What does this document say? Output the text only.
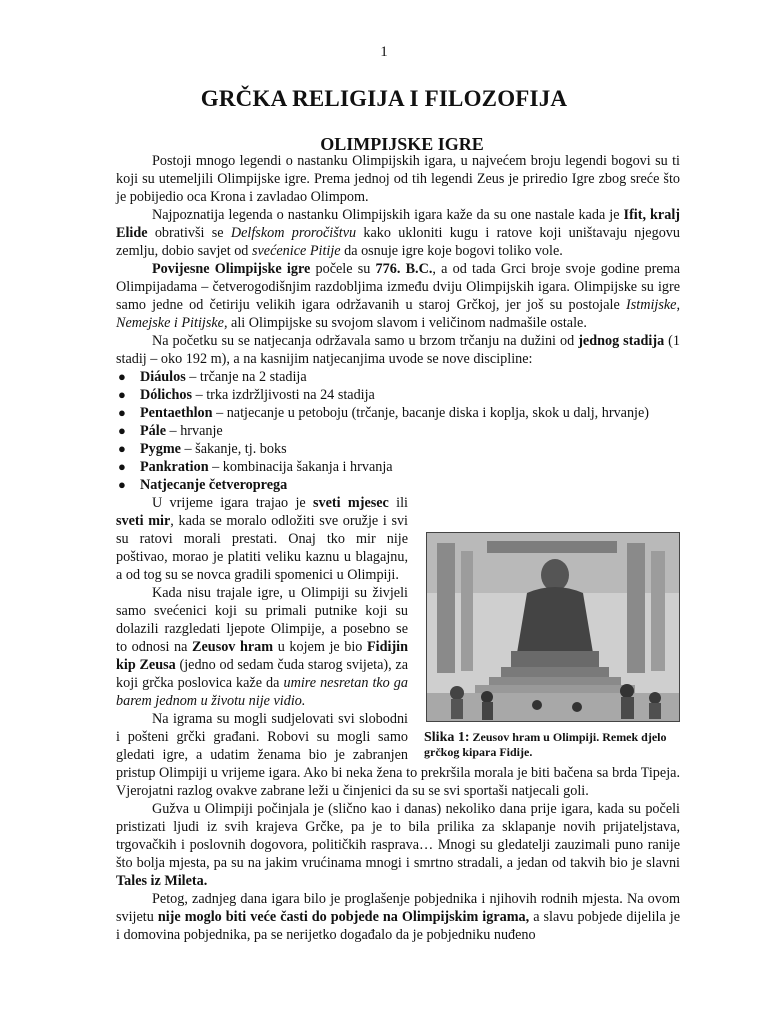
1
GRČKA RELIGIJA I FILOZOFIJA
OLIMPIJSKE IGRE

Postoji mnogo legendi o nastanku Olimpijskih igara, u najvećem broju legendi bogovi su ti koji su utemeljili Olimpijske igre. Prema jednoj od tih legendi Zeus je priredio Igre zbog sreće što je pobijedio oca Krona i zavladao Olimpom.

Najpoznatija legenda o nastanku Olimpijskih igara kaže da su one nastale kada je Ifit, kralj Elide obrativši se Delfskom proročištvu kako ukloniti kugu i ratove koji uništavaju njegovu zemlju, dobio savjet od svećenice Pitije da osnuje igre koje bogovi toliko vole.

Povijesne Olimpijske igre počele su 776. B.C., a od tada Grci broje svoje godine prema Olimpijadama – četverogodišnjim razdobljima između dviju Olimpijskih igara. Olimpijske su igre samo jedne od četiriju velikih igara održavanih u staroj Grčkoj, jer još su postojale Istmijske, Nemejske i Pitijske, ali Olimpijske su svojom slavom i veličinom nadmašile ostale.

Na početku su se natjecanja održavala samo u brzom trčanju na dužini od jednog stadija (1 stadij – oko 192 m), a na kasnijim natjecanjima uvode se nove discipline:

● Diáulos – trčanje na 2 stadija
● Dólichos – trka izdržljivosti na 24 stadija
● Pentaethlon – natjecanje u petoboju (trčanje, bacanje diska i koplja, skok u dalj, hrvanje)
● Pále – hrvanje
● Pygme – šakanje, tj. boks
● Pankration – kombinacija šakanja i hrvanja
● Natjecanje četveroprega
Slika 1: Zeusov hram u Olimpiji. Remek djelo grčkog kipara Fidije.

U vrijeme igara trajao je sveti mjesec ili sveti mir, kada se moralo odložiti sve oružje i svi su ratovi morali prestati. Onaj tko mir nije poštivao, morao je platiti veliku kaznu u blagajnu, a od tog su se novca gradili spomenici u Olimpiji.

Kada nisu trajale igre, u Olimpiji su živjeli samo svećenici koji su primali putnike koji su dolazili razgledati ljepote Olimpije, a posebno se to odnosi na Zeusov hram u kojem je bio Fidijin kip Zeusa (jedno od sedam čuda starog svijeta), za koji grčka poslovica kaže da umire nesretan tko ga barem jednom u životu nije vidio.

Na igrama su mogli sudjelovati svi slobodni i pošteni grčki građani. Robovi su mogli samo gledati igre, a udatim ženama bio je zabranjen pristup Olimpiji u vrijeme igara. Ako bi neka žena to prekršila morala je biti bačena sa brda Tipeja. Vjerojatni razlog ovakve zabrane leži u činjenici da su se svi sportaši natjecali goli.

Gužva u Olimpiji počinjala je (slično kao i danas) nekoliko dana prije igara, kada su počeli pristizati ljudi iz svih krajeva Grčke, pa je to bila prilika za sklapanje novih prijateljstava, trgovačkih i poslovnih dogovora, političkih rasprava… Mnogi su gledatelji zauzimali puno ranije što bolja mjesta, pa su na jakim vrućinama mnogi i smrtno stradali, a jedan od takvih bio je slavni Tales iz Mileta.

Petog, zadnjeg dana igara bilo je proglašenje pobjednika i njihovih rodnih mjesta. Na ovom svijetu nije moglo biti veće časti do pobjede na Olimpijskim igrama, a slavu pobjede dijelila je i domovina pobjednika, pa se nerijetko događalo da je pobjedniku nuđeno
